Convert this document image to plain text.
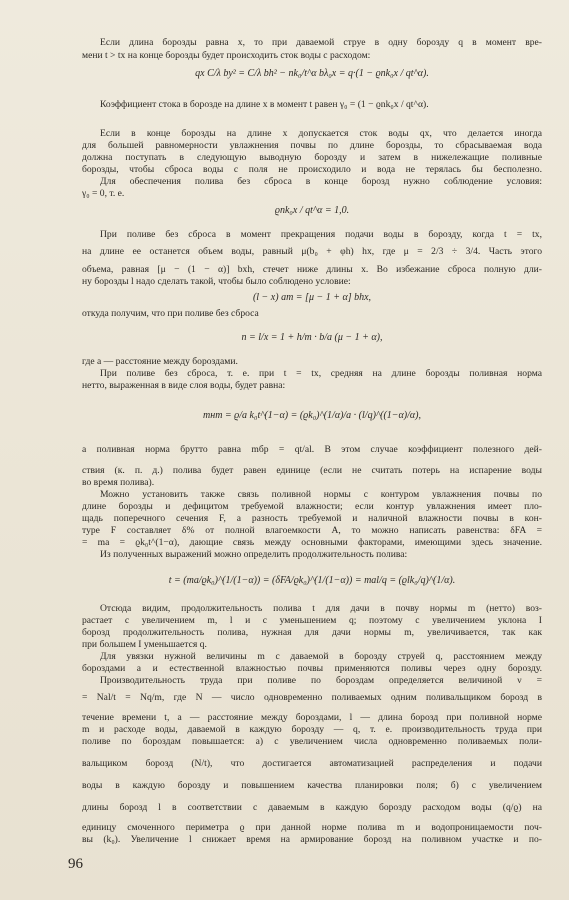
Если длина борозды равна x, то при даваемой струе в одну борозду q в момент вре-
мени t > tx на конце борозды будет происходить сток воды с расходом:
qx C/λ by² = C/λ bh² − nk₀/t^α bλ₀x = q·(1 − ϱnk₀x / qt^α).
Коэффициент стока в борозде на длине x в момент t равен γ₀ = (1 − ϱnk₀x / qt^α).
Если в конце борозды на длине x допускается сток воды qx, что делается иногда
для большей равномерности увлажнения почвы по длине борозды, то сбрасываемая вода
должна поступать в следующую выводную борозду и затем в нижележащие поливные
борозды, чтобы сброса воды с поля не происходило и вода не терялась бы бесполезно.
Для обеспечения полива без сброса в конце борозд нужно соблюдение условия:
γ₀ = 0, т. е.
ϱnk₀x / qt^α = 1,0.
При поливе без сброса в момент прекращения подачи воды в борозду, когда t = tx,
на длине ее останется объем воды, равный μ(b₀ + φh) hx, где μ = 2/3 ÷ 3/4. Часть этого
объема, равная [μ − (1 − α)] bxh, стечет ниже длины x. Во избежание сброса полную дли-
ну борозды l надо сделать такой, чтобы было соблюдено условие:
(l − x) am = [μ − 1 + α] bhx,
откуда получим, что при поливе без сброса
n = l/x = 1 + h/m · b/a (μ − 1 + α),
где a — расстояние между бороздами.
При поливе без сброса, т. е. при t = tx, средняя на длине борозды поливная норма
нетто, выраженная в виде слоя воды, будет равна:
mнт = ϱ/a k₀t^(1−α) = (ϱk₀)^(1/α)/a · (l/q)^((1−α)/α),
а поливная норма брутто равна mбр = qt/al. В этом случае коэффициент полезного дей-
ствия (к. п. д.) полива будет равен единице (если не считать потерь на испарение воды
во время полива).
Можно установить также связь поливной нормы с контуром увлажнения почвы по
длине борозды и дефицитом требуемой влажности; если контур увлажнения имеет пло-
щадь поперечного сечения F, а разность требуемой и наличной влажности почвы в кон-
туре F составляет δ% от полной влагоемкости A, то можно написать равенства: δFA =
= ma = ϱk₀t^(1−α), дающие связь между основными факторами, имеющими здесь значение.
Из полученных выражений можно определить продолжительность полива:
t = (ma/ϱk₀)^(1/(1−α)) = (δFA/ϱk₀)^(1/(1−α)) = mal/q = (ϱlk₀/q)^(1/α).
Отсюда видим, продолжительность полива t для дачи в почву нормы m (нетто) воз-
растает с увеличением m, l и с уменьшением q; поэтому с увеличением уклона I
борозд продолжительность полива, нужная для дачи нормы m, увеличивается, так как
при большем I уменьшается q.
Для увязки нужной величины m с даваемой в борозду струей q, расстоянием между
бороздами a и естественной влажностью почвы применяются поливы через одну борозду.
Производительность труда при поливе по бороздам определяется величиной ν =
= Nal/t = Nq/m, где N — число одновременно поливаемых одним поливальщиком борозд в
течение времени t, a — расстояние между бороздами, l — длина борозд при поливной норме
m и расходе воды, даваемой в каждую борозду — q, т. е. производительность труда при
поливе по бороздам повышается: а) с увеличением числа одновременно поливаемых поли-
вальщиком борозд (N/t), что достигается автоматизацией распределения и подачи
воды в каждую борозду и повышением качества планировки поля; б) с увеличением
длины борозд l в соответствии с даваемым в каждую борозду расходом воды (q/ϱ) на
единицу смоченного периметра ϱ при данной норме полива m и водопроницаемости поч-
вы (k₀). Увеличение l снижает время на армирование борозд на поливном участке и по-
96
